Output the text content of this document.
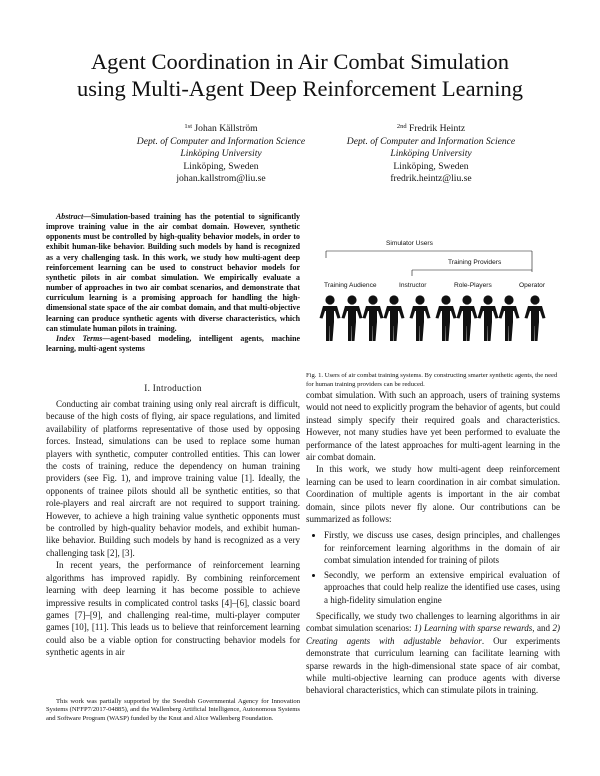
Agent Coordination in Air Combat Simulation
using Multi-Agent Deep Reinforcement Learning
$^{1st}$ Johan Källström
Dept. of Computer and Information Science
Linköping University
Linköping, Sweden
johan.kallstrom@liu.se
$^{2nd}$ Fredrik Heintz
Dept. of Computer and Information Science
Linköping University
Linköping, Sweden
fredrik.heintz@liu.se
Abstract—Simulation-based training has the potential to significantly improve training value in the air combat domain. However, synthetic opponents must be controlled by high-quality behavior models, in order to exhibit human-like behavior. Building such models by hand is recognized as a very challenging task. In this work, we study how multi-agent deep reinforcement learning can be used to construct behavior models for synthetic pilots in air combat simulation. We empirically evaluate a number of approaches in two air combat scenarios, and demonstrate that curriculum learning is a promising approach for handling the high-dimensional state space of the air combat domain, and that multi-objective learning can produce synthetic agents with diverse characteristics, which can stimulate human pilots in training.
Index Terms—agent-based modeling, intelligent agents, machine learning, multi-agent systems
I. Introduction

Conducting air combat training using only real aircraft is difficult, because of the high costs of flying, air space regulations, and limited availability of platforms representative of those used by opposing forces. Instead, simulations can be used to replace some human players with synthetic, computer controlled entities. This can lower the costs of training, reduce the dependency on human training providers (see Fig. 1), and improve training value [1]. Ideally, the opponents of trainee pilots should all be synthetic entities, so that role-players and real aircraft are not required to support training. However, to achieve a high training value synthetic opponents must be controlled by high-quality behavior models, and exhibit human-like behavior. Building such models by hand is recognized as a very challenging task [2], [3].

In recent years, the performance of reinforcement learning algorithms has improved rapidly. By combining reinforcement learning with deep learning it has become possible to achieve impressive results in complicated control tasks [4]–[6], classic board games [7]–[9], and challenging real-time, multi-player computer games [10], [11]. This leads us to believe that reinforcement learning could also be a viable option for constructing behavior models for synthetic agents in air

This work was partially supported by the Swedish Governmental Agency for Innovation Systems (NFFP7/2017-04885), and the Wallenberg Artificial Intelligence, Autonomous Systems and Software Program (WASP) funded by the Knut and Alice Wallenberg Foundation.
Simulator Users
Training Providers
Training Audience	Instructor	Role-Players	Operator
Fig. 1. Users of air combat training systems. By constructing smarter synthetic agents, the need for human training providers can be reduced.

combat simulation. With such an approach, users of training systems would not need to explicitly program the behavior of agents, but could instead simply specify their required goals and characteristics. However, not many studies have yet been performed to evaluate the performance of the latest approaches for multi-agent learning in the air combat domain.

In this work, we study how multi-agent deep reinforcement learning can be used to learn coordination in air combat simulation. Coordination of multiple agents is important in the air combat domain, since pilots never fly alone. Our contributions can be summarized as follows:

• Firstly, we discuss use cases, design principles, and challenges for reinforcement learning algorithms in the domain of air combat simulation intended for training of pilots
• Secondly, we perform an extensive empirical evaluation of approaches that could help realize the identified use cases, using a high-fidelity simulation engine

Specifically, we study two challenges to learning algorithms in air combat simulation scenarios: 1) Learning with sparse rewards, and 2) Creating agents with adjustable behavior. Our experiments demonstrate that curriculum learning can facilitate learning with sparse rewards in the high-dimensional state space of air combat, while multi-objective learning can produce agents with diverse behavioral characteristics, which can stimulate pilots in training.
